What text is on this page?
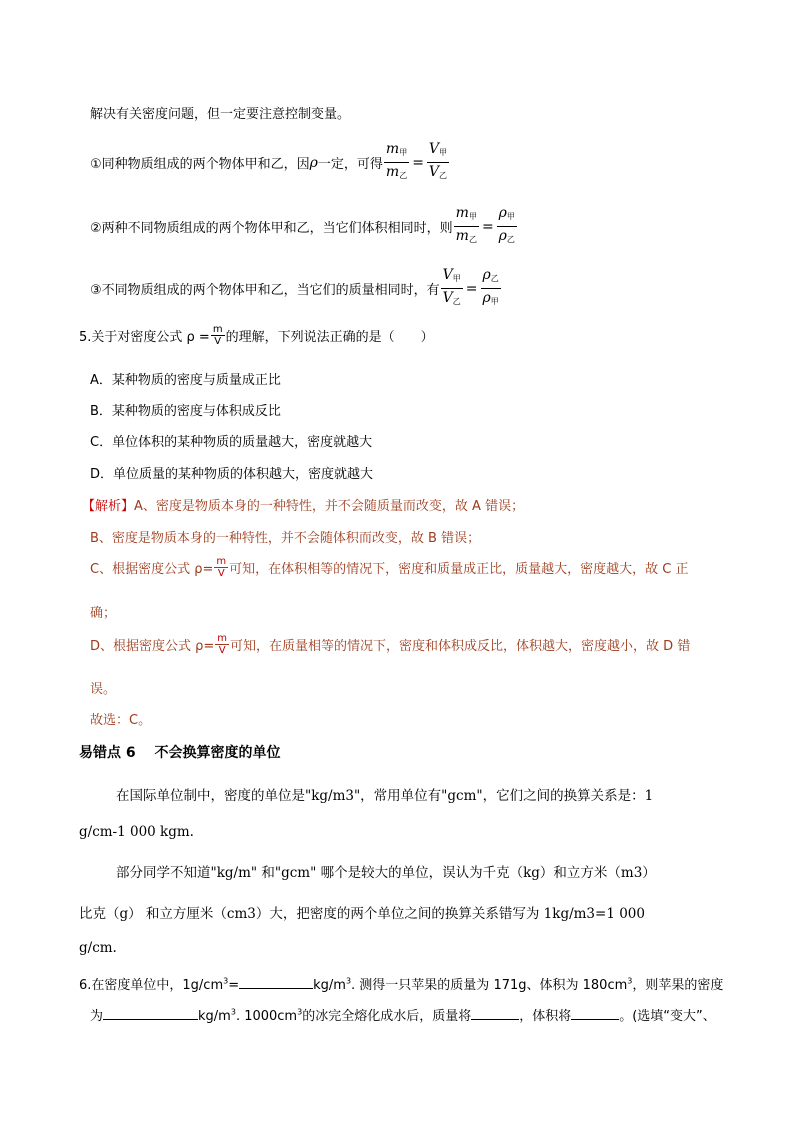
解决有关密度问题，但一定要注意控制变量。
①同种物质组成的两个物体甲和乙，因 ρ 一定，可得 $\frac{m_甲}{m_乙} = \frac{V_甲}{V_乙}$
②两种不同物质组成的两个物体甲和乙，当它们体积相同时，则 $\frac{m_甲}{m_乙} = \frac{\rho_甲}{\rho_乙}$
③不同物质组成的两个物体甲和乙，当它们的质量相同时，有 $\frac{V_甲}{V_乙} = \frac{\rho_乙}{\rho_甲}$
5.关于对密度公式 $\rho = \frac{m}{V}$ 的理解，下列说法正确的是（　　）
A．某种物质的密度与质量成正比
B．某种物质的密度与体积成反比
C．单位体积的某种物质的质量越大，密度就越大
D．单位质量的某种物质的体积越大，密度就越大
【解析】A、密度是物质本身的一种特性，并不会随质量而改变，故 A 错误；
B、密度是物质本身的一种特性，并不会随体积而改变，故 B 错误；
C、根据密度公式 $\rho= \frac{m}{V}$ 可知，在体积相等的情况下，密度和质量成正比，质量越大，密度越大，故 C 正
确；
D、根据密度公式 $\rho= \frac{m}{V}$ 可知，在质量相等的情况下，密度和体积成反比，体积越大，密度越小，故 D 错
误。
故选：C。
易错点 6　 不会换算密度的单位
在国际单位制中，密度的单位是"kg/m3"，常用单位有"gcm"，它们之间的换算关系是：1
g/cm-1 000 kgm.
部分同学不知道"kg/m" 和"gcm" 哪个是较大的单位，误认为千克（kg）和立方米（m3）
比克（g） 和立方厘米（cm3）大，把密度的两个单位之间的换算关系错写为 1kg/m3=1 000
g/cm.
6.在密度单位中，$1g/cm^3=$	$kg/m^3$. 测得一只苹果的质量为 171g、体积为 $180cm^3$，则苹果的密度
为	$kg/m^3$. $1000cm^3$的冰完全熔化成水后，质量将	，体积将	。(选填“变大”、
